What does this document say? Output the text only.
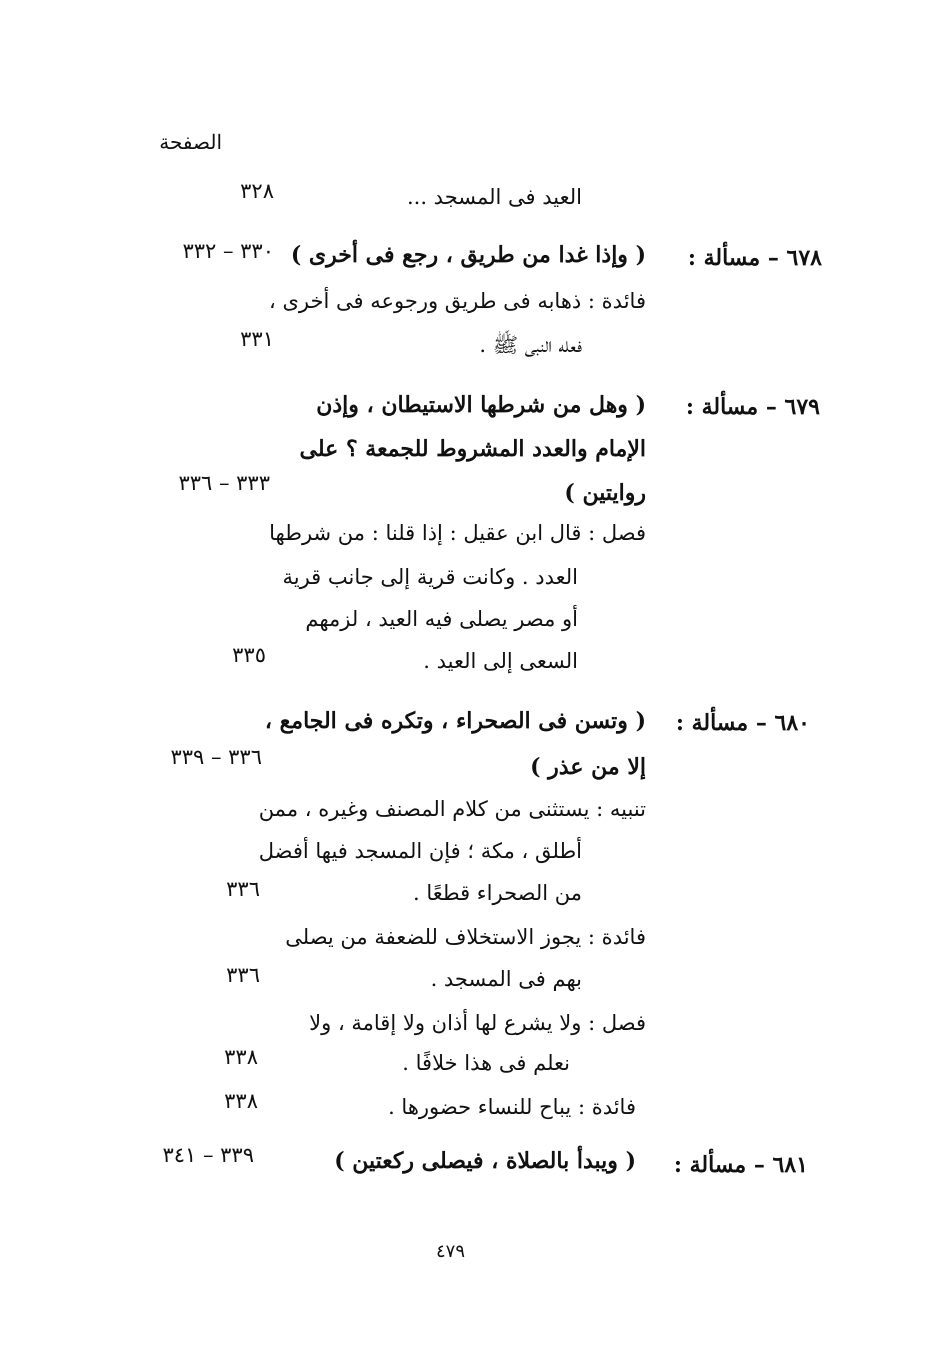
الصفحة
العيد فى المسجد ...
٣٢٨
٦٧٨ – مسألة :
( وإذا غدا من طريق ، رجع فى أخرى )
٣٣٠ – ٣٣٢
فائدة : ذهابه فى طريق ورجوعه فى أخرى ،
فعله النبى ﷺ .
٣٣١
٦٧٩ – مسألة :
( وهل من شرطها الاستيطان ، وإذن
الإمام والعدد المشروط للجمعة ؟ على
روايتين )
٣٣٣ – ٣٣٦
فصل : قال ابن عقيل : إذا قلنا : من شرطها
العدد . وكانت قرية إلى جانب قرية
أو مصر يصلى فيه العيد ، لزمهم
السعى إلى العيد .
٣٣٥
٦٨٠ – مسألة :
( وتسن فى الصحراء ، وتكره فى الجامع ،
إلا من عذر )
٣٣٦ – ٣٣٩
تنبيه : يستثنى من كلام المصنف وغيره ، ممن
أطلق ، مكة ؛ فإن المسجد فيها أفضل
من الصحراء قطعًا .
٣٣٦
فائدة : يجوز الاستخلاف للضعفة من يصلى
بهم فى المسجد .
٣٣٦
فصل : ولا يشرع لها أذان ولا إقامة ، ولا
نعلم فى هذا خلافًا .
٣٣٨
فائدة : يباح للنساء حضورها .
٣٣٨
٦٨١ – مسألة :
( ويبدأ بالصلاة ، فيصلى ركعتين )
٣٣٩ – ٣٤١
٤٧٩
